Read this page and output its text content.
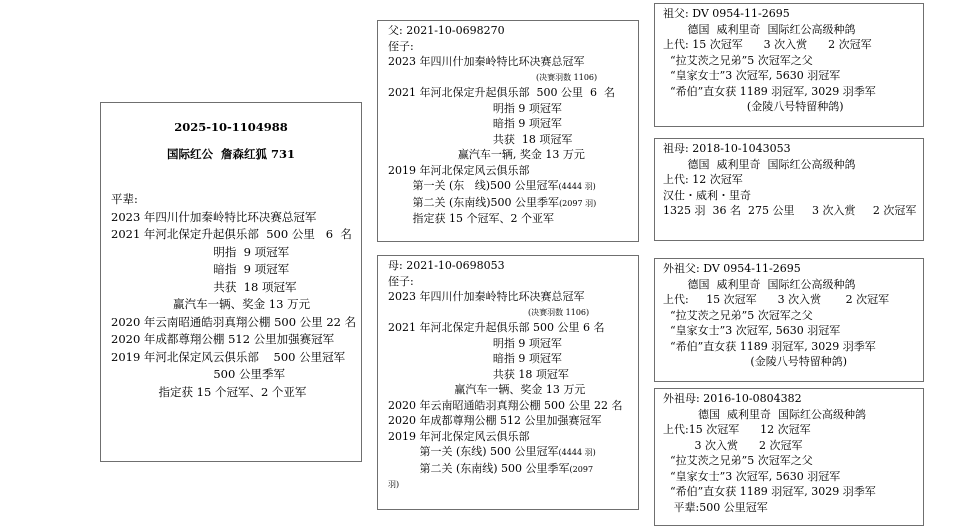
2025-10-1104988
国际红公  詹森红狐 731
平辈:
2023 年四川什加秦岭特比环决赛总冠军
2021 年河北保定升起俱乐部  500 公里   6  名
明指  9 项冠军
暗指  9 项冠军
共获  18 项冠军
赢汽车一辆、奖金 13 万元
2020 年云南昭通皓羽真翔公棚 500 公里 22 名
2020 年成都尊翔公棚 512 公里加强赛冠军
2019 年河北保定风云俱乐部    500 公里冠军
500 公里季军
指定获 15 个冠军、2 个亚军
父: 2021-10-0698270
侄子:
2023 年四川什加秦岭特比环决赛总冠军
(决赛羽数 1106)
2021 年河北保定升起俱乐部  500 公里  6  名
明指 9 项冠军
暗指 9 项冠军
共获  18 项冠军
赢汽车一辆, 奖金 13 万元
2019 年河北保定风云俱乐部
第一关 (东   线)500 公里冠军(4444 羽)
第二关 (东南线)500 公里季军(2097 羽)
指定获 15 个冠军、2 个亚军
母: 2021-10-0698053
侄子:
2023 年四川什加秦岭特比环决赛总冠军
(决赛羽数 1106)
2021 年河北保定升起俱乐部 500 公里 6 名
明指 9 项冠军
暗指 9 项冠军
共获 18 项冠军
赢汽车一辆、奖金 13 万元
2020 年云南昭通皓羽真翔公棚 500 公里 22 名
2020 年成都尊翔公棚 512 公里加强赛冠军
2019 年河北保定风云俱乐部
第一关 (东线) 500 公里冠军(4444 羽)
第二关 (东南线) 500 公里季军(2097
羽)
祖父: DV 0954-11-2695
德国  威利里奇  国际红公高级种鸽
上代: 15 次冠军      3 次入赏      2 次冠军
“拉艾茨之兄弟”5 次冠军之父
“皇家女士”3 次冠军, 5630 羽冠军
“希伯”直女获 1189 羽冠军, 3029 羽季军
(金陵八号特留种鸽)
祖母: 2018-10-1043053
德国  威利里奇  国际红公高级种鸽
上代: 12 次冠军
汉仕・威利・里奇
1325 羽  36 名  275 公里     3 次入赏     2 次冠军
外祖父: DV 0954-11-2695
德国  威利里奇  国际红公高级种鸽
上代:     15 次冠军      3 次入赏       2 次冠军
“拉艾茨之兄弟”5 次冠军之父
“皇家女士”3 次冠军, 5630 羽冠军
“希伯”直女获 1189 羽冠军, 3029 羽季军
(金陵八号特留种鸽)
外祖母: 2016-10-0804382
德国  威利里奇  国际红公高级种鸽
上代:15 次冠军      12 次冠军
3 次入赏      2 次冠军
“拉艾茨之兄弟”5 次冠军之父
“皇家女士”3 次冠军, 5630 羽冠军
“希伯”直女获 1189 羽冠军, 3029 羽季军
平辈:500 公里冠军
